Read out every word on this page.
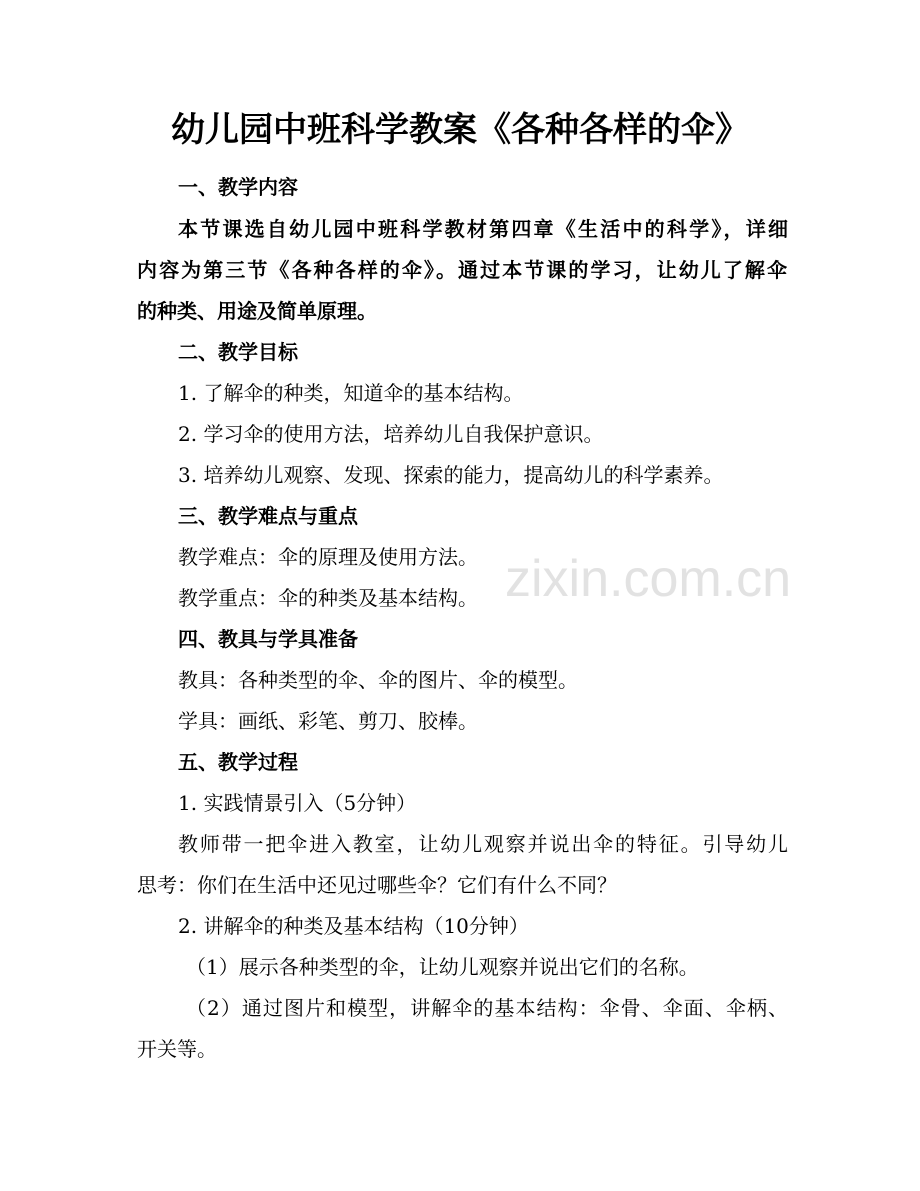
幼儿园中班科学教案《各种各样的伞》
一、教学内容
本节课选自幼儿园中班科学教材第四章《生活中的科学》，详细
内容为第三节《各种各样的伞》。通过本节课的学习，让幼儿了解伞
的种类、用途及简单原理。
二、教学目标
1. 了解伞的种类，知道伞的基本结构。
2. 学习伞的使用方法，培养幼儿自我保护意识。
3. 培养幼儿观察、发现、探索的能力，提高幼儿的科学素养。
三、教学难点与重点
教学难点：伞的原理及使用方法。
教学重点：伞的种类及基本结构。
四、教具与学具准备
教具：各种类型的伞、伞的图片、伞的模型。
学具：画纸、彩笔、剪刀、胶棒。
五、教学过程
1. 实践情景引入（5分钟）
教师带一把伞进入教室，让幼儿观察并说出伞的特征。引导幼儿
思考：你们在生活中还见过哪些伞？它们有什么不同？
2. 讲解伞的种类及基本结构（10分钟）
（1）展示各种类型的伞，让幼儿观察并说出它们的名称。
（2）通过图片和模型，讲解伞的基本结构：伞骨、伞面、伞柄、
开关等。
zixin.com.cn
